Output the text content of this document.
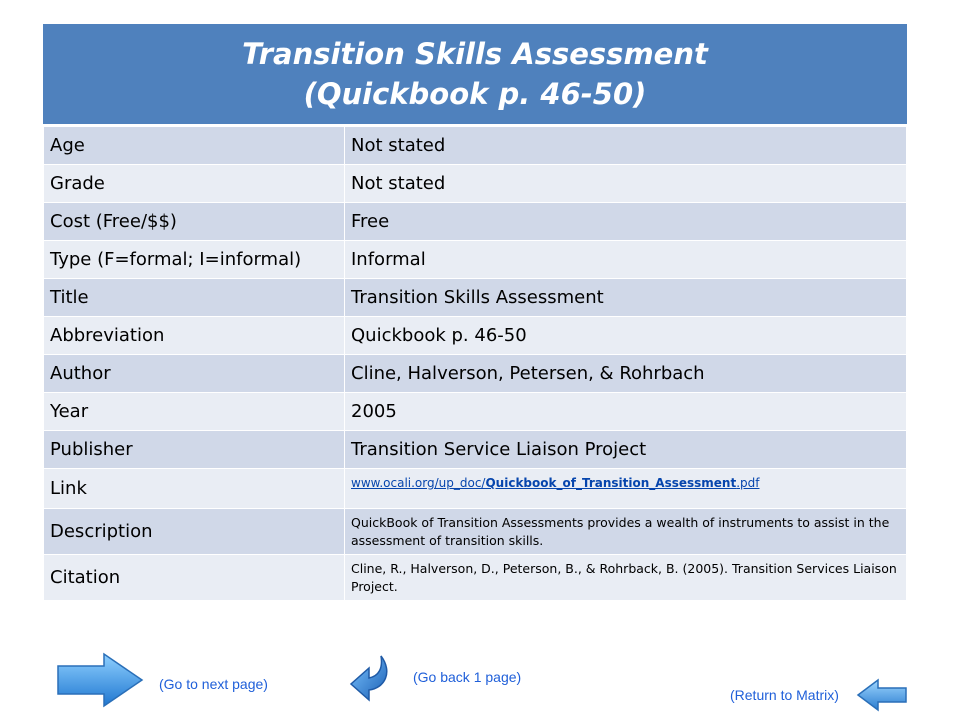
Transition Skills Assessment
(Quickbook p. 46-50)
Age	Not stated
Grade	Not stated
Cost (Free/$$)	Free
Type (F=formal; I=informal)	Informal
Title	Transition Skills Assessment
Abbreviation	Quickbook p. 46-50
Author	Cline, Halverson, Petersen, & Rohrbach
Year	2005
Publisher	Transition Service Liaison Project
Link	www.ocali.org/up_doc/Quickbook_of_Transition_Assessment.pdf
Description	QuickBook of Transition Assessments provides a wealth of instruments to assist in the assessment of transition skills.
Citation	Cline, R., Halverson, D., Peterson, B., & Rohrback, B. (2005). Transition Services Liaison Project.
(Go to next page)	(Go back 1 page)
(Return to Matrix)
